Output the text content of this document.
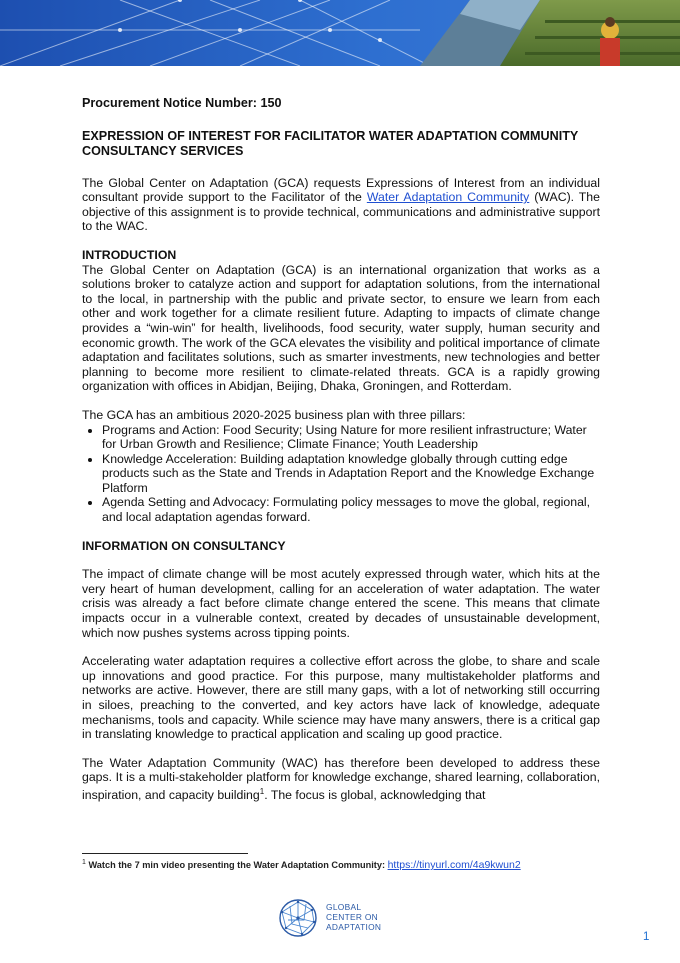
Procurement Notice Number: 150

EXPRESSION OF INTEREST FOR FACILITATOR WATER ADAPTATION COMMUNITY CONSULTANCY SERVICES

The Global Center on Adaptation (GCA) requests Expressions of Interest from an individual consultant provide support to the Facilitator of the Water Adaptation Community (WAC). The objective of this assignment is to provide technical, communications and administrative support to the WAC.

INTRODUCTION

The Global Center on Adaptation (GCA) is an international organization that works as a solutions broker to catalyze action and support for adaptation solutions, from the international to the local, in partnership with the public and private sector, to ensure we learn from each other and work together for a climate resilient future. Adapting to impacts of climate change provides a “win-win” for health, livelihoods, food security, water supply, human security and economic growth. The work of the GCA elevates the visibility and political importance of climate adaptation and facilitates solutions, such as smarter investments, new technologies and better planning to become more resilient to climate-related threats. GCA is a rapidly growing organization with offices in Abidjan, Beijing, Dhaka, Groningen, and Rotterdam.

The GCA has an ambitious 2020-2025 business plan with three pillars:

• Programs and Action: Food Security; Using Nature for more resilient infrastructure; Water for Urban Growth and Resilience; Climate Finance; Youth Leadership
• Knowledge Acceleration: Building adaptation knowledge globally through cutting edge products such as the State and Trends in Adaptation Report and the Knowledge Exchange Platform
• Agenda Setting and Advocacy: Formulating policy messages to move the global, regional, and local adaptation agendas forward.

INFORMATION ON CONSULTANCY

The impact of climate change will be most acutely expressed through water, which hits at the very heart of human development, calling for an acceleration of water adaptation. The water crisis was already a fact before climate change entered the scene. This means that climate impacts occur in a vulnerable context, created by decades of unsustainable development, which now pushes systems across tipping points.

Accelerating water adaptation requires a collective effort across the globe, to share and scale up innovations and good practice. For this purpose, many multistakeholder platforms and networks are active. However, there are still many gaps, with a lot of networking still occurring in siloes, preaching to the converted, and key actors have lack of knowledge, adequate mechanisms, tools and capacity. While science may have many answers, there is a critical gap in translating knowledge to practical application and scaling up good practice.

The Water Adaptation Community (WAC) has therefore been developed to address these gaps. It is a multi-stakeholder platform for knowledge exchange, shared learning, collaboration, inspiration, and capacity building$^1$. The focus is global, acknowledging that

$^1$ Watch the 7 min video presenting the Water Adaptation Community: https://tinyurl.com/4a9kwun2
GLOBAL
CENTER ON
ADAPTATION
1
